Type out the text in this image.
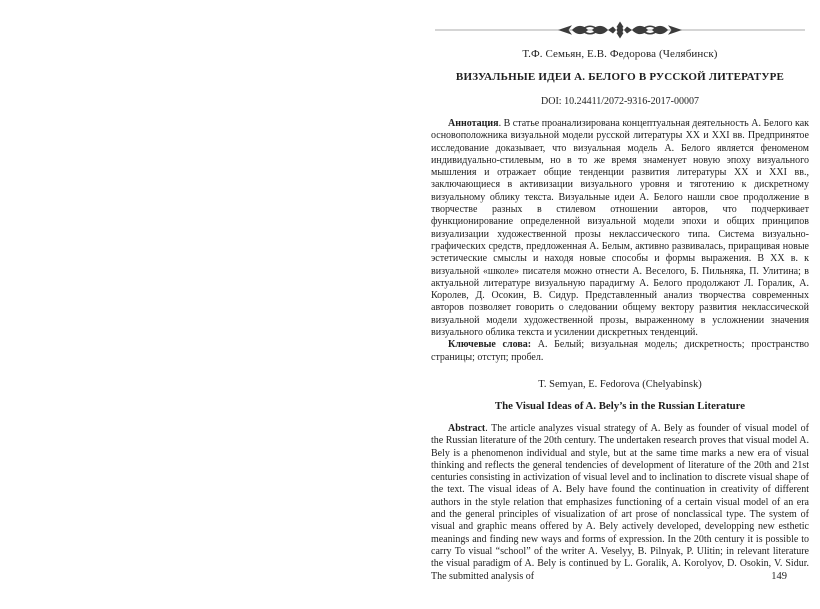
Т.Ф. Семьян, Е.В. Федорова (Челябинск)
ВИЗУАЛЬНЫЕ ИДЕИ А. БЕЛОГО В РУССКОЙ ЛИТЕРАТУРЕ
DOI: 10.24411/2072-9316-2017-00007

Аннотация. В статье проанализирована концептуальная деятельность А. Белого как основоположника визуальной модели русской литературы XX и XXI вв. Предпринятое исследование доказывает, что визуальная модель А. Белого является феноменом индивидуально-стилевым, но в то же время знаменует новую эпоху визуального мышления и отражает общие тенденции развития литературы XX и XXI вв., заключающиеся в активизации визуального уровня и тяготению к дискретному визуальному облику текста. Визуальные идеи А. Белого нашли свое продолжение в творчестве разных в стилевом отношении авторов, что подчеркивает функционирование определенной визуальной модели эпохи и общих принципов визуализации художественной прозы неклассического типа. Система визуально-графических средств, предложенная А. Белым, активно развивалась, приращивая новые эстетические смыслы и находя новые способы и формы выражения. В XX в. к визуальной «школе» писателя можно отнести А. Веселого, Б. Пильняка, П. Улитина; в актуальной литературе визуальную парадигму А. Белого продолжают Л. Горалик, А. Королев, Д. Осокин, В. Сидур. Представленный анализ творчества современных авторов позволяет говорить о следовании общему вектору развития неклассической визуальной модели художественной прозы, выраженному в усложнении значения визуального облика текста и усилении дискретных тенденций.

Ключевые слова: А. Белый; визуальная модель; дискретность; пространство страницы; отступ; пробел.

T. Semyan, E. Fedorova (Chelyabinsk)
The Visual Ideas of A. Bely’s in the Russian Literature

Abstract. The article analyzes visual strategy of A. Bely as founder of visual model of the Russian literature of the 20th century. The undertaken research proves that visual model A. Bely is a phenomenon individual and style, but at the same time marks a new era of visual thinking and reflects the general tendencies of development of literature of the 20th and 21st centuries consisting in activization of visual level and to inclination to discrete visual shape of the text. The visual ideas of A. Bely have found the continuation in creativity of different authors in the style relation that emphasizes functioning of a certain visual model of an era and the general principles of visualization of art prose of nonclassical type. The system of visual and graphic means offered by A. Bely actively developed, developping new esthetic meanings and finding new ways and forms of expression. In the 20th century it is possible to carry To visual “school” of the writer A. Veselyy, B. Pilnyak, P. Ulitin; in relevant literature the visual paradigm of A. Bely is continued by L. Goralik, A. Korolyov, D. Osokin, V. Sidur. The submitted analysis of	149
